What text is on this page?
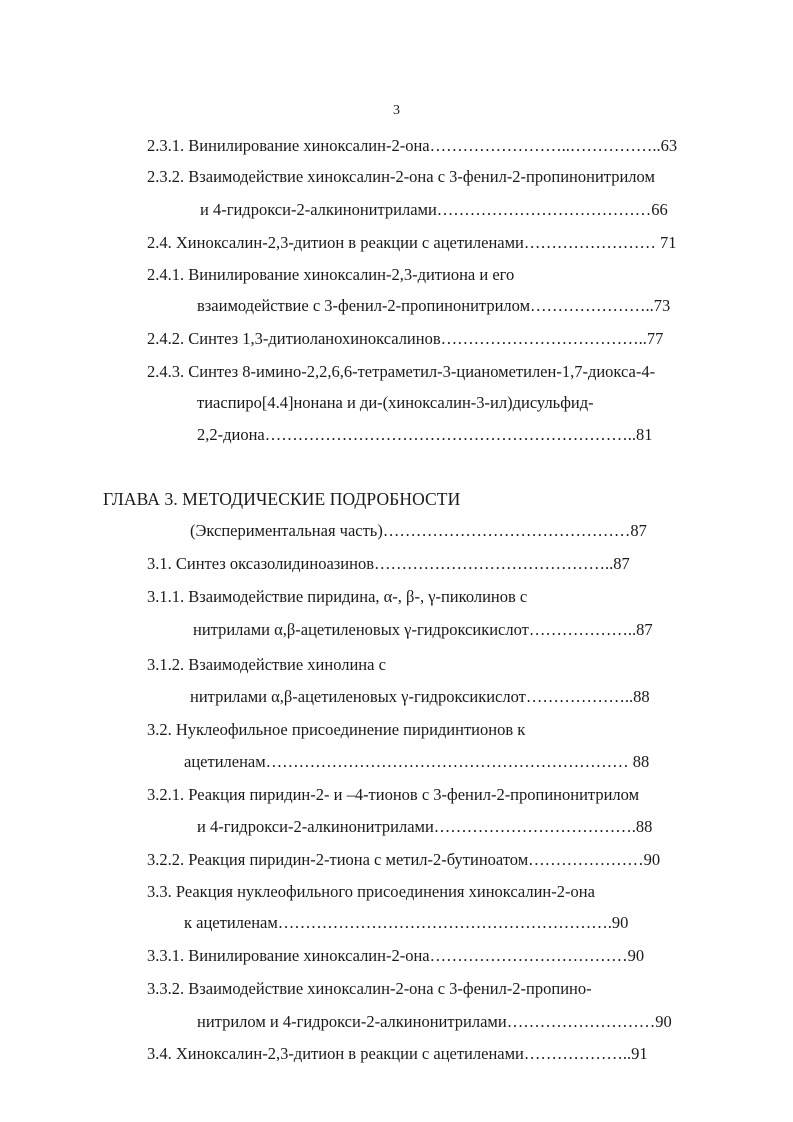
3
2.3.1. Винилирование хиноксалин-2-она……………………..……………..63
2.3.2. Взаимодействие хиноксалин-2-она с 3-фенил-2-пропинонитрилом
и 4-гидрокси-2-алкинонитрилами…………………………………66
2.4. Хиноксалин-2,3-дитион в реакции с ацетиленами…………………… 71
2.4.1. Винилирование хиноксалин-2,3-дитиона и его
взаимодействие с 3-фенил-2-пропинонитрилом…………………..73
2.4.2. Синтез 1,3-дитиоланохиноксалинов………………………………..77
2.4.3. Синтез 8-имино-2,2,6,6-тетраметил-3-цианометилен-1,7-диокса-4-
тиаспиро[4.4]нонана и ди-(хиноксалин-3-ил)дисульфид-
2,2-диона…………………………………………………………..81
ГЛАВА 3. МЕТОДИЧЕСКИЕ ПОДРОБНОСТИ
(Экспериментальная часть)………………………………………87
3.1. Синтез оксазолидиноазинов……………………………………..87
3.1.1. Взаимодействие пиридина, α-, β-, γ-пиколинов с
нитрилами α,β-ацетиленовых γ-гидроксикислот………………..87
3.1.2. Взаимодействие хинолина с
нитрилами α,β-ацетиленовых γ-гидроксикислот………………..88
3.2. Нуклеофильное присоединение пиридинтионов к
ацетиленам………………………………………………………… 88
3.2.1. Реакция пиридин-2- и –4-тионов с 3-фенил-2-пропинонитрилом
и 4-гидрокси-2-алкинонитрилами……………………………….88
3.2.2. Реакция пиридин-2-тиона с метил-2-бутиноатом…………………90
3.3. Реакция нуклеофильного присоединения хиноксалин-2-она
к ацетиленам…………………………………………………….90
3.3.1. Винилирование хиноксалин-2-она………………………………90
3.3.2. Взаимодействие хиноксалин-2-она с 3-фенил-2-пропино-
нитрилом и 4-гидрокси-2-алкинонитрилами………………………90
3.4. Хиноксалин-2,3-дитион в реакции с ацетиленами………………..91
